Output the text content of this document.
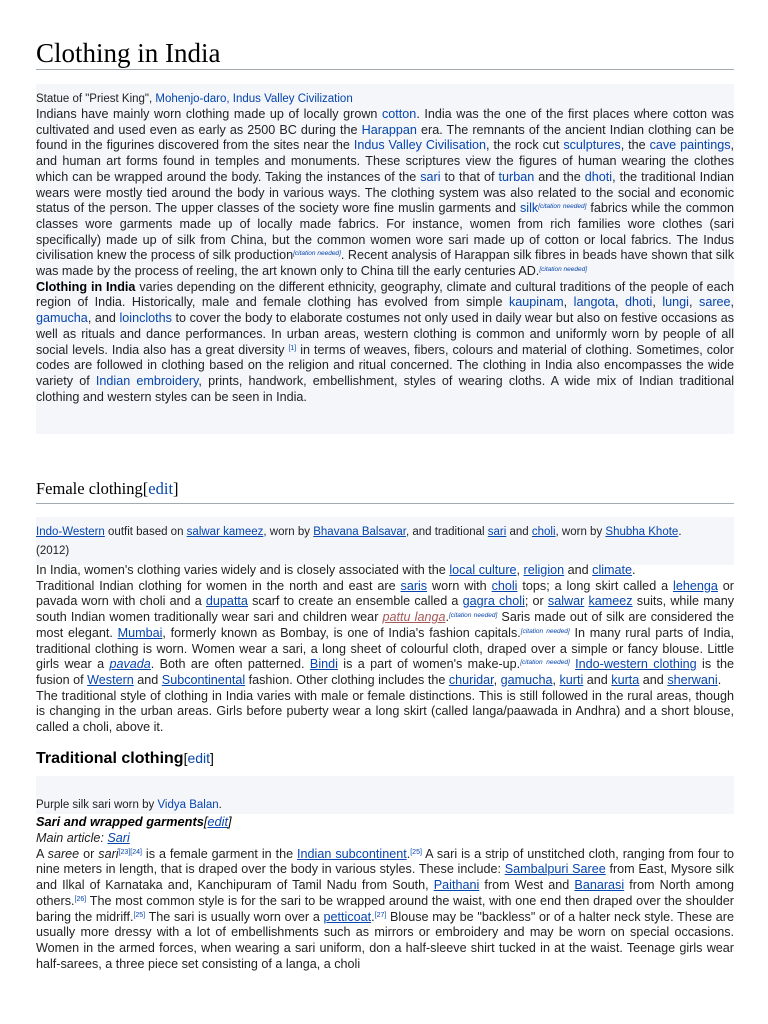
Clothing in India
Statue of "Priest King", Mohenjo-daro, Indus Valley Civilization

Indians have mainly worn clothing made up of locally grown cotton. India was the one of the first places where cotton was cultivated and used even as early as 2500 BC during the Harappan era. The remnants of the ancient Indian clothing can be found in the figurines discovered from the sites near the Indus Valley Civilisation, the rock cut sculptures, the cave paintings, and human art forms found in temples and monuments. These scriptures view the figures of human wearing the clothes which can be wrapped around the body. Taking the instances of the sari to that of turban and the dhoti, the traditional Indian wears were mostly tied around the body in various ways. The clothing system was also related to the social and economic status of the person. The upper classes of the society wore fine muslin garments and silk[citation needed] fabrics while the common classes wore garments made up of locally made fabrics. For instance, women from rich families wore clothes (sari specifically) made up of silk from China, but the common women wore sari made up of cotton or local fabrics. The Indus civilisation knew the process of silk production[citation needed]. Recent analysis of Harappan silk fibres in beads have shown that silk was made by the process of reeling, the art known only to China till the early centuries AD.[citation needed]

Clothing in India varies depending on the different ethnicity, geography, climate and cultural traditions of the people of each region of India. Historically, male and female clothing has evolved from simple kaupinam, langota, dhoti, lungi, saree, gamucha, and loincloths to cover the body to elaborate costumes not only used in daily wear but also on festive occasions as well as rituals and dance performances. In urban areas, western clothing is common and uniformly worn by people of all social levels. India also has a great diversity [1] in terms of weaves, fibers, colours and material of clothing. Sometimes, color codes are followed in clothing based on the religion and ritual concerned. The clothing in India also encompasses the wide variety of Indian embroidery, prints, handwork, embellishment, styles of wearing cloths. A wide mix of Indian traditional clothing and western styles can be seen in India.

Female clothing[edit]
Indo-Western outfit based on salwar kameez, worn by Bhavana Balsavar, and traditional sari and choli, worn by Shubha Khote.
(2012)

In India, women's clothing varies widely and is closely associated with the local culture, religion and climate.

Traditional Indian clothing for women in the north and east are saris worn with choli tops; a long skirt called a lehenga or pavada worn with choli and a dupatta scarf to create an ensemble called a gagra choli; or salwar kameez suits, while many south Indian women traditionally wear sari and children wear pattu langa.[citation needed] Saris made out of silk are considered the most elegant. Mumbai, formerly known as Bombay, is one of India's fashion capitals.[citation needed] In many rural parts of India, traditional clothing is worn. Women wear a sari, a long sheet of colourful cloth, draped over a simple or fancy blouse. Little girls wear a pavada. Both are often patterned. Bindi is a part of women's make-up.[citation needed] Indo-western clothing is the fusion of Western and Subcontinental fashion. Other clothing includes the churidar, gamucha, kurti and kurta and sherwani.

The traditional style of clothing in India varies with male or female distinctions. This is still followed in the rural areas, though is changing in the urban areas. Girls before puberty wear a long skirt (called langa/paawada in Andhra) and a short blouse, called a choli, above it.

Traditional clothing[edit]
Purple silk sari worn by Vidya Balan.
Sari and wrapped garments[edit]
Main article: Sari

A saree or sari[23][24] is a female garment in the Indian subcontinent.[25] A sari is a strip of unstitched cloth, ranging from four to nine meters in length, that is draped over the body in various styles. These include: Sambalpuri Saree from East, Mysore silk and Ilkal of Karnataka and, Kanchipuram of Tamil Nadu from South, Paithani from West and Banarasi from North among others.[26] The most common style is for the sari to be wrapped around the waist, with one end then draped over the shoulder baring the midriff.[25] The sari is usually worn over a petticoat.[27] Blouse may be "backless" or of a halter neck style. These are usually more dressy with a lot of embellishments such as mirrors or embroidery and may be worn on special occasions. Women in the armed forces, when wearing a sari uniform, don a half-sleeve shirt tucked in at the waist. Teenage girls wear half-sarees, a three piece set consisting of a langa, a choli
